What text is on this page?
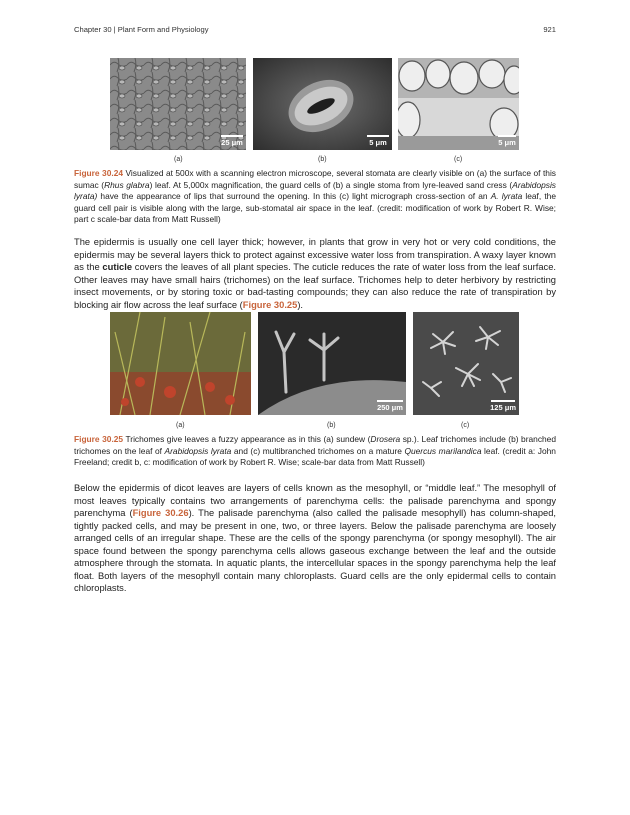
Chapter 30 | Plant Form and Physiology	921
25 μm	5 μm	5 μm
(a)	(b)	(c)
Figure 30.24 Visualized at 500x with a scanning electron microscope, several stomata are clearly visible on (a) the surface of this sumac (Rhus glabra) leaf. At 5,000x magnification, the guard cells of (b) a single stoma from lyre-leaved sand cress (Arabidopsis lyrata) have the appearance of lips that surround the opening. In this (c) light micrograph cross-section of an A. lyrata leaf, the guard cell pair is visible along with the large, sub-stomatal air space in the leaf. (credit: modification of work by Robert R. Wise; part c scale-bar data from Matt Russell)
The epidermis is usually one cell layer thick; however, in plants that grow in very hot or very cold conditions, the epidermis may be several layers thick to protect against excessive water loss from transpiration. A waxy layer known as the cuticle covers the leaves of all plant species. The cuticle reduces the rate of water loss from the leaf surface. Other leaves may have small hairs (trichomes) on the leaf surface. Trichomes help to deter herbivory by restricting insect movements, or by storing toxic or bad-tasting compounds; they can also reduce the rate of transpiration by blocking air flow across the leaf surface (Figure 30.25).
250 μm	125 μm
(a)	(b)	(c)
Figure 30.25 Trichomes give leaves a fuzzy appearance as in this (a) sundew (Drosera sp.). Leaf trichomes include (b) branched trichomes on the leaf of Arabidopsis lyrata and (c) multibranched trichomes on a mature Quercus marilandica leaf. (credit a: John Freeland; credit b, c: modification of work by Robert R. Wise; scale-bar data from Matt Russell)
Below the epidermis of dicot leaves are layers of cells known as the mesophyll, or “middle leaf.” The mesophyll of most leaves typically contains two arrangements of parenchyma cells: the palisade parenchyma and spongy parenchyma (Figure 30.26). The palisade parenchyma (also called the palisade mesophyll) has column-shaped, tightly packed cells, and may be present in one, two, or three layers. Below the palisade parenchyma are loosely arranged cells of an irregular shape. These are the cells of the spongy parenchyma (or spongy mesophyll). The air space found between the spongy parenchyma cells allows gaseous exchange between the leaf and the outside atmosphere through the stomata. In aquatic plants, the intercellular spaces in the spongy parenchyma help the leaf float. Both layers of the mesophyll contain many chloroplasts. Guard cells are the only epidermal cells to contain chloroplasts.
